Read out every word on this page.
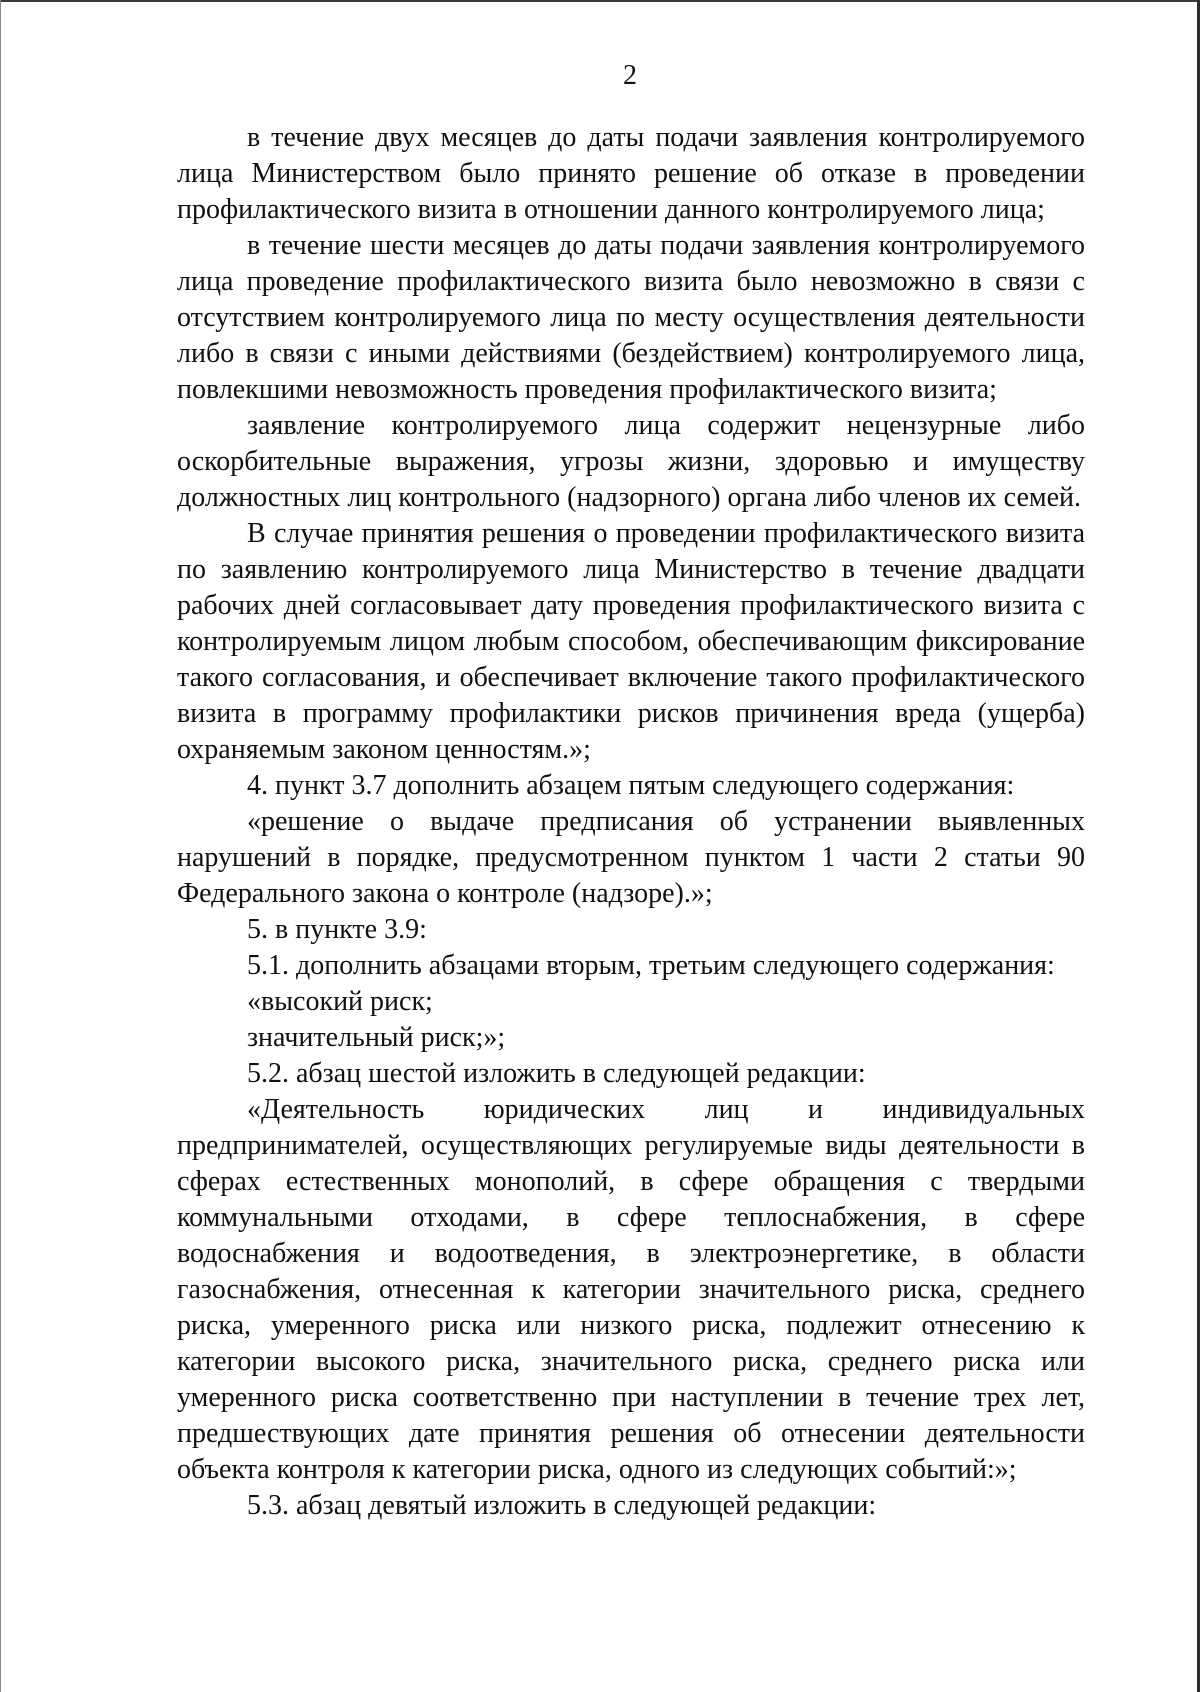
2

в течение двух месяцев до даты подачи заявления контролируемого лица Министерством было принято решение об отказе в проведении профилактического визита в отношении данного контролируемого лица;

в течение шести месяцев до даты подачи заявления контролируемого лица проведение профилактического визита было невозможно в связи с отсутствием контролируемого лица по месту осуществления деятельности либо в связи с иными действиями (бездействием) контролируемого лица, повлекшими невозможность проведения профилактического визита;

заявление контролируемого лица содержит нецензурные либо оскорбительные выражения, угрозы жизни, здоровью и имуществу должностных лиц контрольного (надзорного) органа либо членов их семей.

В случае принятия решения о проведении профилактического визита по заявлению контролируемого лица Министерство в течение двадцати рабочих дней согласовывает дату проведения профилактического визита с контролируемым лицом любым способом, обеспечивающим фиксирование такого согласования, и обеспечивает включение такого профилактического визита в программу профилактики рисков причинения вреда (ущерба) охраняемым законом ценностям.»;

4. пункт 3.7 дополнить абзацем пятым следующего содержания:

«решение о выдаче предписания об устранении выявленных нарушений в порядке, предусмотренном пунктом 1 части 2 статьи 90 Федерального закона о контроле (надзоре).»;

5. в пункте 3.9:

5.1. дополнить абзацами вторым, третьим следующего содержания:

«высокий риск;

значительный риск;»;

5.2. абзац шестой изложить в следующей редакции:

«Деятельность юридических лиц и индивидуальных предпринимателей, осуществляющих регулируемые виды деятельности в сферах естественных монополий, в сфере обращения с твердыми коммунальными отходами, в сфере теплоснабжения, в сфере водоснабжения и водоотведения, в электроэнергетике, в области газоснабжения, отнесенная к категории значительного риска, среднего риска, умеренного риска или низкого риска, подлежит отнесению к категории высокого риска, значительного риска, среднего риска или умеренного риска соответственно при наступлении в течение трех лет, предшествующих дате принятия решения об отнесении деятельности объекта контроля к категории риска, одного из следующих событий:»;

5.3. абзац девятый изложить в следующей редакции:
